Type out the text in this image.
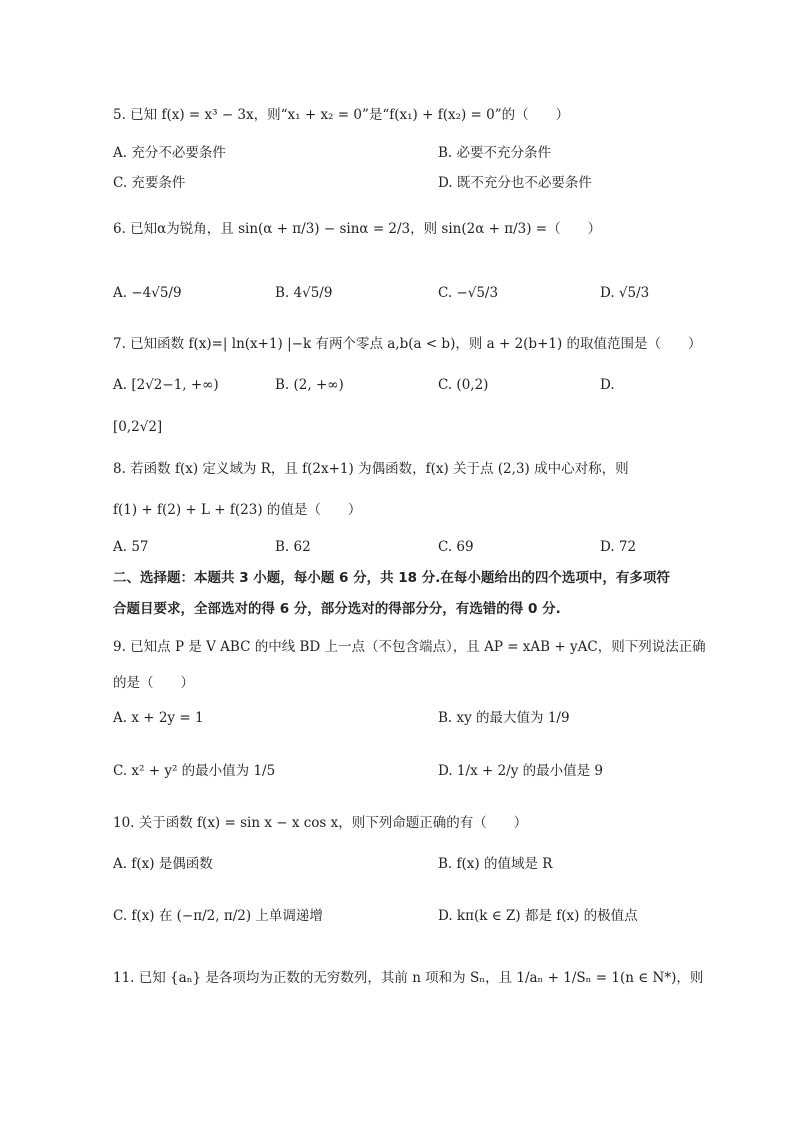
5. 已知 f(x) = x³ − 3x，则“x₁ + x₂ = 0”是“f(x₁) + f(x₂) = 0”的（　　）
A. 充分不必要条件	B. 必要不充分条件
C. 充要条件	D. 既不充分也不必要条件
6. 已知α为锐角，且 sin(α + π/3) − sinα = 2/3，则 sin(2α + π/3) =（　　）
A. −4√5/9	B. 4√5/9	C. −√5/3	D. √5/3
7. 已知函数 f(x)=| ln(x+1) |−k 有两个零点 a,b(a < b)，则 a + 2(b+1) 的取值范围是（　　）
A. [2√2−1, +∞)	B. (2, +∞)	C. (0,2)	D.
[0,2√2]
8. 若函数 f(x) 定义域为 R，且 f(2x+1) 为偶函数，f(x) 关于点 (2,3) 成中心对称，则
f(1) + f(2) + L + f(23) 的值是（　　）
A. 57	B. 62	C. 69	D. 72
二、选择题：本题共 3 小题，每小题 6 分，共 18 分.在每小题给出的四个选项中，有多项符
合题目要求，全部选对的得 6 分，部分选对的得部分分，有选错的得 0 分.
9. 已知点 P 是 V ABC 的中线 BD 上一点（不包含端点），且 AP = xAB + yAC，则下列说法正确
的是（　　）
A. x + 2y = 1	B. xy 的最大值为 1/9
C. x² + y² 的最小值为 1/5	D. 1/x + 2/y 的最小值是 9
10. 关于函数 f(x) = sin x − x cos x，则下列命题正确的有（　　）
A. f(x) 是偶函数	B. f(x) 的值域是 R
C. f(x) 在 (−π/2, π/2) 上单调递增	D. kπ(k ∈ Z) 都是 f(x) 的极值点
11. 已知 {aₙ} 是各项均为正数的无穷数列，其前 n 项和为 Sₙ，且 1/aₙ + 1/Sₙ = 1(n ∈ N*)，则
